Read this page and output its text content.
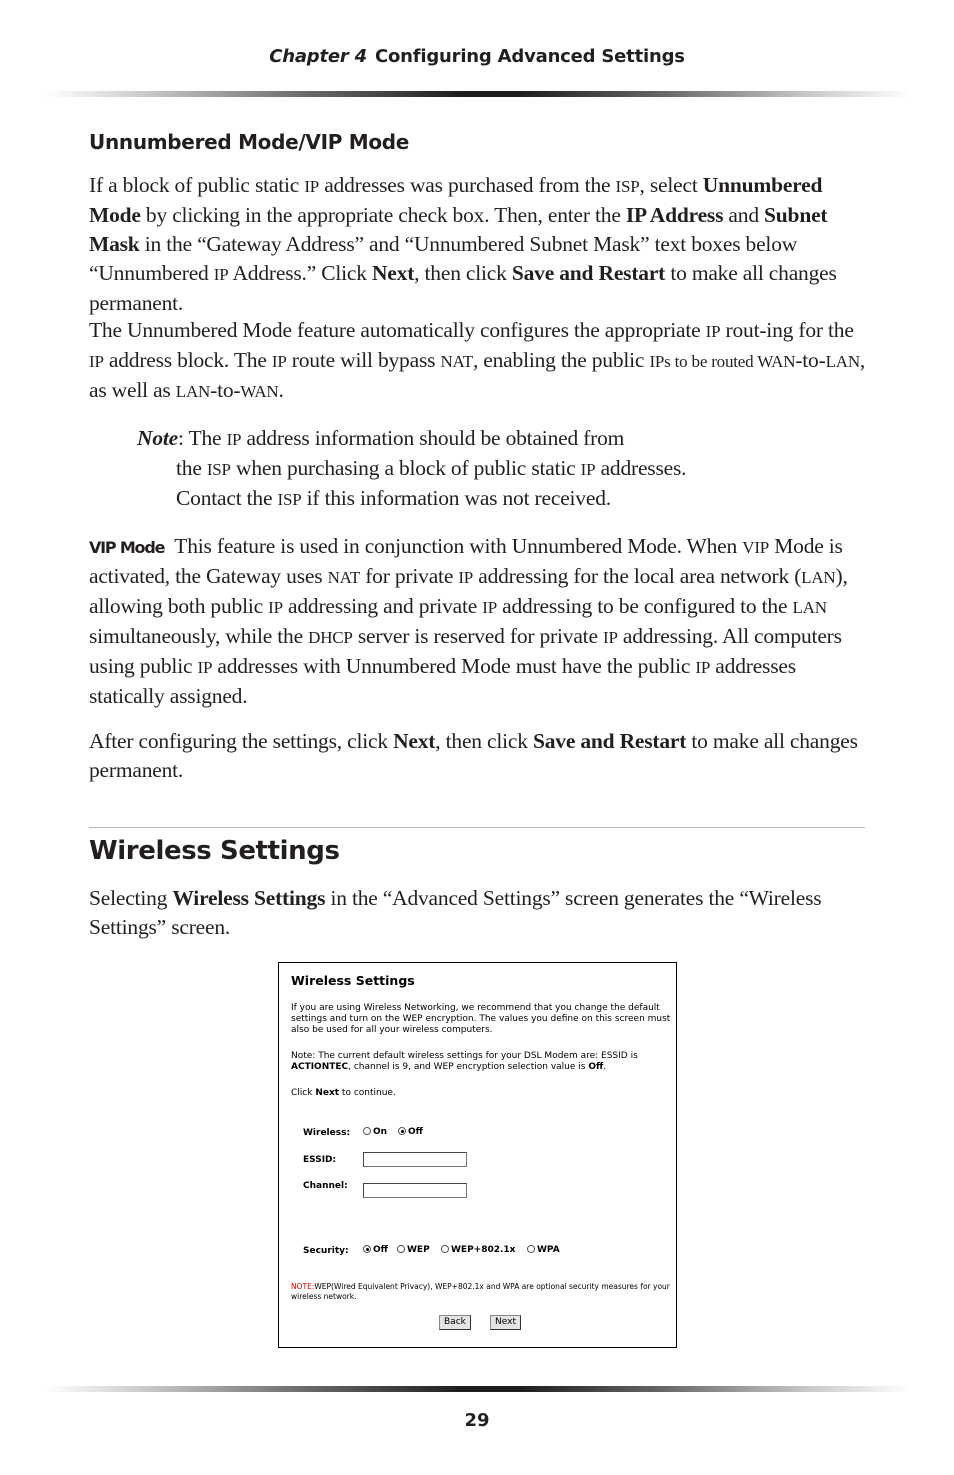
Chapter 4 Configuring Advanced Settings
Unnumbered Mode/VIP Mode
If a block of public static IP addresses was purchased from the ISP, select Unnumbered Mode by clicking in the appropriate check box. Then, enter the IP Address and Subnet Mask in the “Gateway Address” and “Unnumbered Subnet Mask” text boxes below “Unnumbered IP Address.” Click Next, then click Save and Restart to make all changes permanent.
The Unnumbered Mode feature automatically configures the appropriate IP rout-ing for the IP address block. The IP route will bypass NAT, enabling the public IPs to be routed WAN-to-LAN, as well as LAN-to-WAN.
Note: The IP address information should be obtained from
the ISP when purchasing a block of public static IP addresses.
Contact the ISP if this information was not received.
VIP Mode This feature is used in conjunction with Unnumbered Mode. When VIP Mode is activated, the Gateway uses NAT for private IP addressing for the local area network (LAN), allowing both public IP addressing and private IP addressing to be configured to the LAN simultaneously, while the DHCP server is reserved for private IP addressing. All computers using public IP addresses with Unnumbered Mode must have the public IP addresses statically assigned.
After configuring the settings, click Next, then click Save and Restart to make all changes permanent.
Wireless Settings
Selecting Wireless Settings in the “Advanced Settings” screen generates the “Wireless Settings” screen.
Wireless Settings
If you are using Wireless Networking, we recommend that you change the default settings and turn on the WEP encryption. The values you define on this screen must also be used for all your wireless computers.
Note: The current default wireless settings for your DSL Modem are: ESSID is ACTIONTEC, channel is 9, and WEP encryption selection value is Off.
Click Next to continue.
Wireless:	On	Off
ESSID:
Channel:
Security:	Off	WEP	WEP+802.1x	WPA
NOTE:WEP(Wired Equivalent Privacy), WEP+802.1x and WPA are optional security measures for your wireless network.
Back	Next
29
